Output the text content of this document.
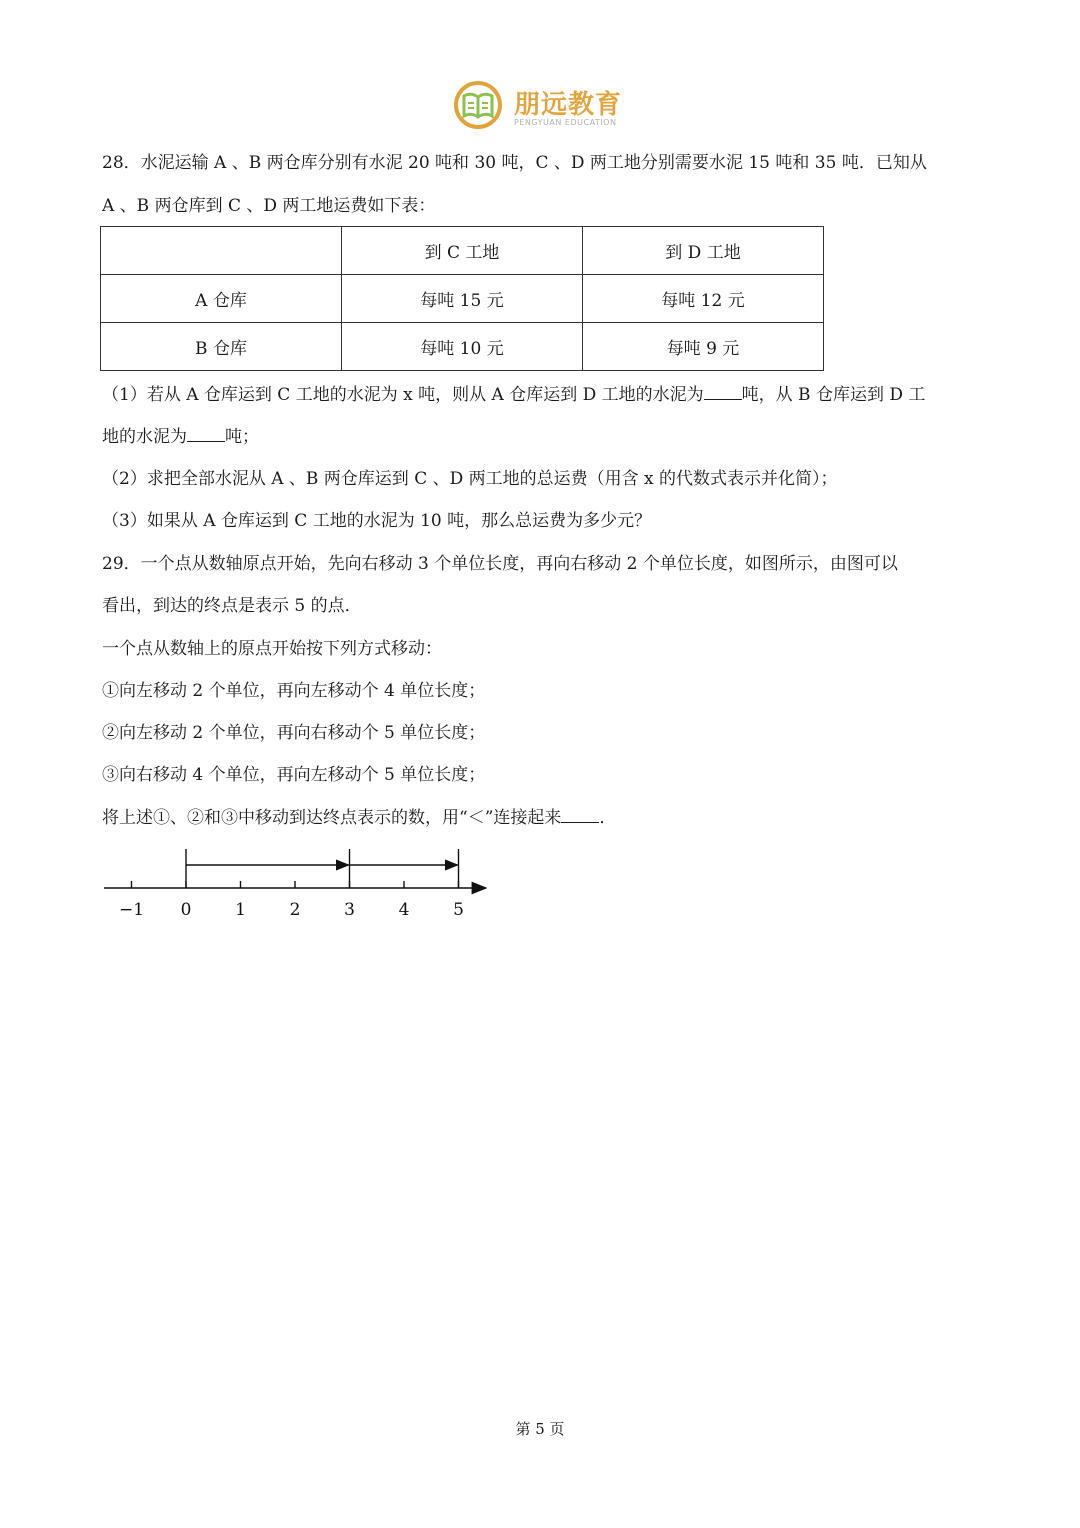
朋远教育
PENGYUAN EDUCATION
28．水泥运输 A 、B 两仓库分别有水泥 20 吨和 30 吨，C 、D 两工地分别需要水泥 15 吨和 35 吨．已知从
A 、B 两仓库到 C 、D 两工地运费如下表：
	到 C 工地	到 D 工地
A 仓库	每吨 15 元	每吨 12 元
B 仓库	每吨 10 元	每吨 9 元
（1）若从 A 仓库运到 C 工地的水泥为 x 吨，则从 A 仓库运到 D 工地的水泥为 吨，从 B 仓库运到 D 工
地的水泥为 吨；
（2）求把全部水泥从 A 、B 两仓库运到 C 、D 两工地的总运费（用含 x 的代数式表示并化简）；
（3）如果从 A 仓库运到 C 工地的水泥为 10 吨，那么总运费为多少元？
29．一个点从数轴原点开始，先向右移动 3 个单位长度，再向右移动 2 个单位长度，如图所示，由图可以
看出，到达的终点是表示 5 的点．
一个点从数轴上的原点开始按下列方式移动：
①向左移动 2 个单位，再向左移动个 4 单位长度；
②向左移动 2 个单位，再向右移动个 5 单位长度；
③向右移动 4 个单位，再向左移动个 5 单位长度；
将上述①、②和③中移动到达终点表示的数，用“＜”连接起来 ．
−1 0	1	2	3	4	5
第 5 页
